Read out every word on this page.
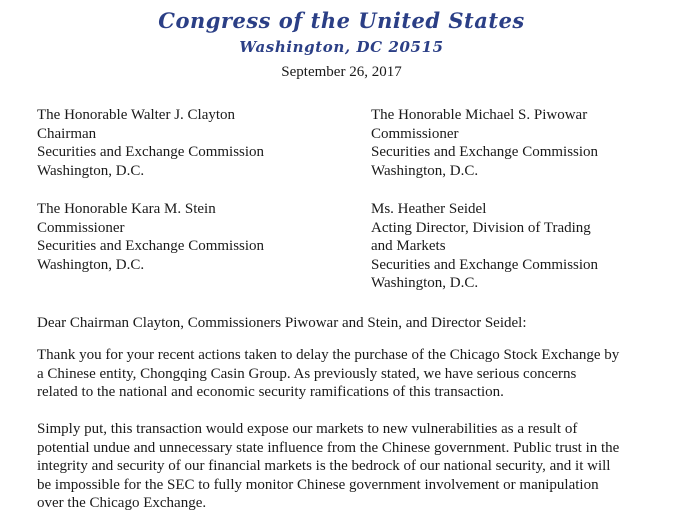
Congress of the United States
Washington, DC 20515
September 26, 2017
The Honorable Walter J. Clayton
Chairman
Securities and Exchange Commission
Washington, D.C.
The Honorable Michael S. Piwowar
Commissioner
Securities and Exchange Commission
Washington, D.C.
The Honorable Kara M. Stein
Commissioner
Securities and Exchange Commission
Washington, D.C.
Ms. Heather Seidel
Acting Director, Division of Trading
and Markets
Securities and Exchange Commission
Washington, D.C.
Dear Chairman Clayton, Commissioners Piwowar and Stein, and Director Seidel:
Thank you for your recent actions taken to delay the purchase of the Chicago Stock Exchange by
a Chinese entity, Chongqing Casin Group. As previously stated, we have serious concerns
related to the national and economic security ramifications of this transaction.
Simply put, this transaction would expose our markets to new vulnerabilities as a result of
potential undue and unnecessary state influence from the Chinese government. Public trust in the
integrity and security of our financial markets is the bedrock of our national security, and it will
be impossible for the SEC to fully monitor Chinese government involvement or manipulation
over the Chicago Exchange.
